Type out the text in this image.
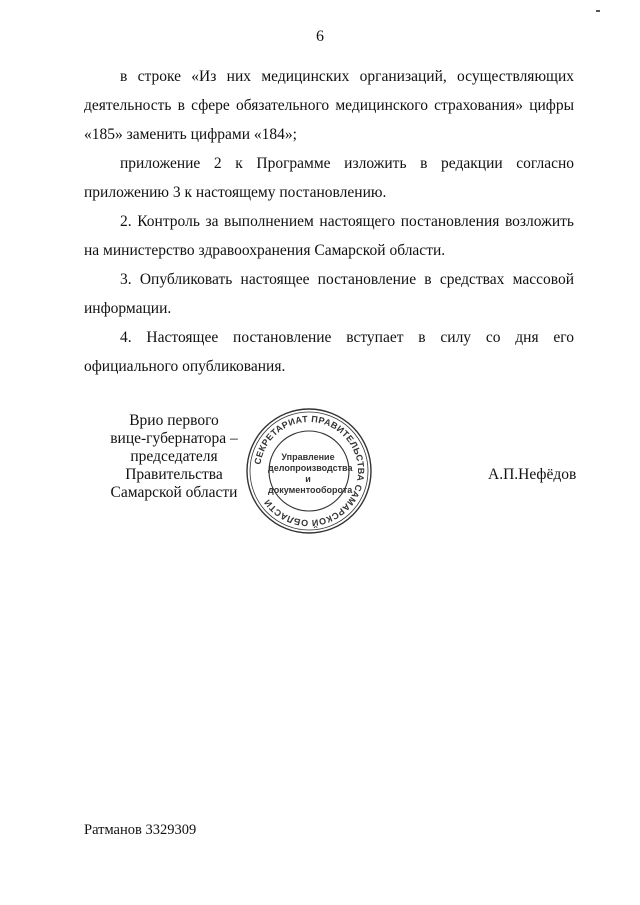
6

в строке «Из них медицинских организаций, осуществляющих деятельность в сфере обязательного медицинского страхования» цифры «185» заменить цифрами «184»;

приложение 2 к Программе изложить в редакции согласно приложению 3 к настоящему постановлению.

2. Контроль за выполнением настоящего постановления возложить на министерство здравоохранения Самарской области.

3. Опубликовать настоящее постановление в средствах массовой информации.

4. Настоящее постановление вступает в силу со дня его официального опубликования.

Врио первого
вице-губернатора –
председателя Правительства
Самарской области
СЕКРЕТАРИАТ ПРАВИТЕЛЬСТВА САМАРСКОЙ ОБЛАСТИ
Управление
делопроизводства
и документооборота
А.П.Нефёдов
Ратманов 3329309
